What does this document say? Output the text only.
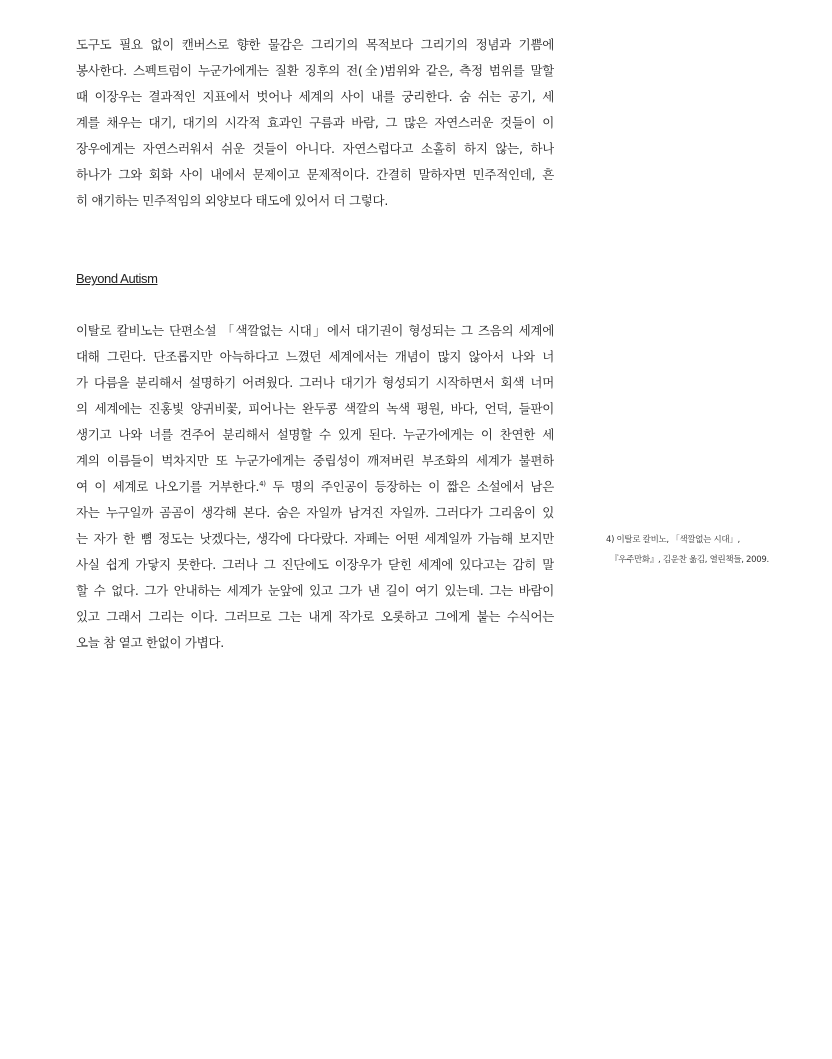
도구도 필요 없이 캔버스로 향한 물감은 그리기의 목적보다 그리기의 정념과 기쁨에
봉사한다. 스펙트럼이 누군가에게는 질환 징후의 전(全)범위와 같은, 측정 범위를 말할
때 이장우는 결과적인 지표에서 벗어나 세계의 사이 내를 궁리한다. 숨 쉬는 공기, 세
계를 채우는 대기, 대기의 시각적 효과인 구름과 바람, 그 많은 자연스러운 것들이 이
장우에게는 자연스러워서 쉬운 것들이 아니다. 자연스럽다고 소홀히 하지 않는, 하나
하나가 그와 회화 사이 내에서 문제이고 문제적이다. 간결히 말하자면 민주적인데, 흔
히 얘기하는 민주적임의 외양보다 태도에 있어서 더 그렇다.
Beyond Autism
이탈로 칼비노는 단편소설 「색깔없는 시대」에서 대기권이 형성되는 그 즈음의 세계에
대해 그린다. 단조롭지만 아늑하다고 느꼈던 세계에서는 개념이 많지 않아서 나와 너
가 다름을 분리해서 설명하기 어려웠다. 그러나 대기가 형성되기 시작하면서 회색 너머
의 세계에는 진홍빛 양귀비꽃, 피어나는 완두콩 색깔의 녹색 평원, 바다, 언덕, 들판이
생기고 나와 너를 견주어 분리해서 설명할 수 있게 된다. 누군가에게는 이 찬연한 세
계의 이름들이 벅차지만 또 누군가에게는 중립성이 깨져버린 부조화의 세계가 불편하
여 이 세계로 나오기를 거부한다.$^{4)}$ 두 명의 주인공이 등장하는 이 짧은 소설에서 남은
자는 누구일까 곰곰이 생각해 본다. 숨은 자일까 남겨진 자일까. 그러다가 그리움이 있
는 자가 한 뼘 정도는 낫겠다는, 생각에 다다랐다. 자폐는 어떤 세계일까 가늠해 보지만
사실 쉽게 가닿지 못한다. 그러나 그 진단에도 이장우가 닫힌 세계에 있다고는 감히 말
할 수 없다. 그가 안내하는 세계가 눈앞에 있고 그가 낸 길이 여기 있는데. 그는 바람이
있고 그래서 그리는 이다. 그러므로 그는 내게 작가로 오롯하고 그에게 붙는 수식어는
오늘 참 옅고 한없이 가볍다.
4) 이탈로 칼비노, 「색깔없는 시대」,
『우주만화』, 김운찬 옮김, 열린책들, 2009.
